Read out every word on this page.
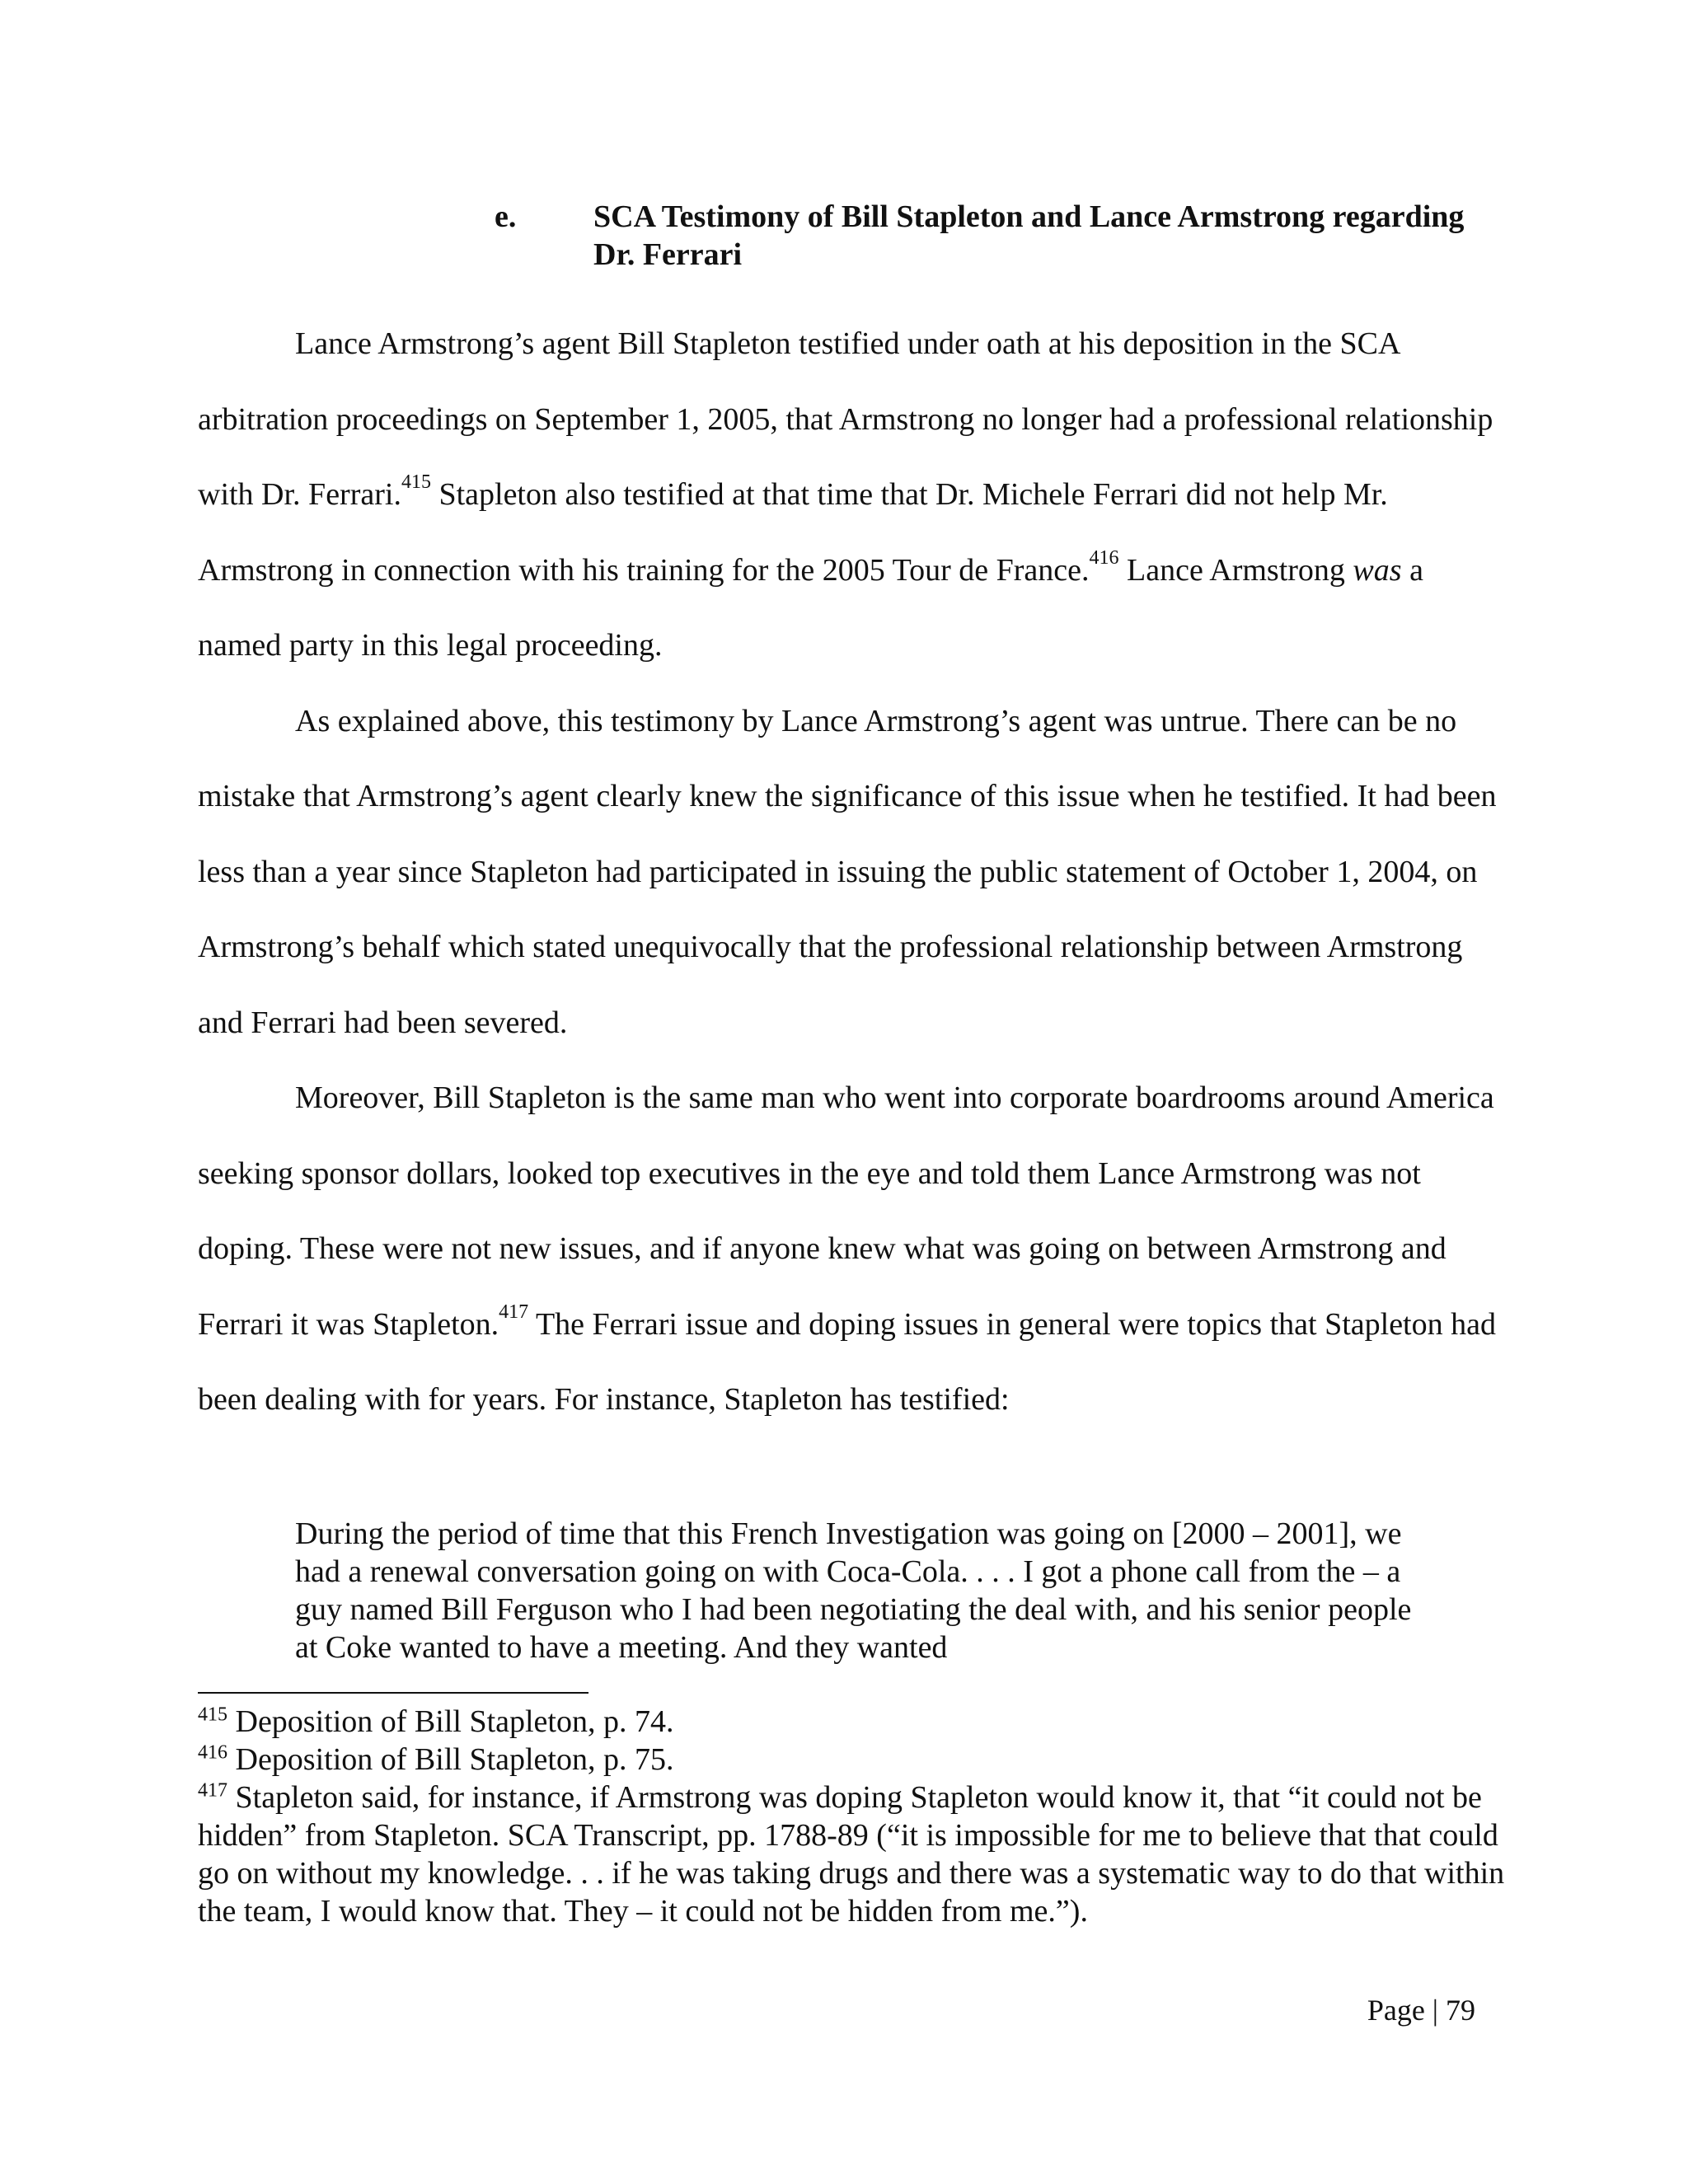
e. SCA Testimony of Bill Stapleton and Lance Armstrong regarding Dr. Ferrari

Lance Armstrong’s agent Bill Stapleton testified under oath at his deposition in the SCA arbitration proceedings on September 1, 2005, that Armstrong no longer had a professional relationship with Dr. Ferrari.$^{415}$ Stapleton also testified at that time that Dr. Michele Ferrari did not help Mr. Armstrong in connection with his training for the 2005 Tour de France.$^{416}$ Lance Armstrong was a named party in this legal proceeding.

As explained above, this testimony by Lance Armstrong’s agent was untrue. There can be no mistake that Armstrong’s agent clearly knew the significance of this issue when he testified. It had been less than a year since Stapleton had participated in issuing the public statement of October 1, 2004, on Armstrong’s behalf which stated unequivocally that the professional relationship between Armstrong and Ferrari had been severed.

Moreover, Bill Stapleton is the same man who went into corporate boardrooms around America seeking sponsor dollars, looked top executives in the eye and told them Lance Armstrong was not doping. These were not new issues, and if anyone knew what was going on between Armstrong and Ferrari it was Stapleton.$^{417}$ The Ferrari issue and doping issues in general were topics that Stapleton had been dealing with for years. For instance, Stapleton has testified:

During the period of time that this French Investigation was going on [2000 – 2001], we had a renewal conversation going on with Coca-Cola. . . . I got a phone call from the – a guy named Bill Ferguson who I had been negotiating the deal with, and his senior people at Coke wanted to have a meeting. And they wanted

$^{415}$ Deposition of Bill Stapleton, p. 74.

$^{416}$ Deposition of Bill Stapleton, p. 75.

$^{417}$ Stapleton said, for instance, if Armstrong was doping Stapleton would know it, that “it could not be hidden” from Stapleton. SCA Transcript, pp. 1788-89 (“it is impossible for me to believe that that could go on without my knowledge. . . if he was taking drugs and there was a systematic way to do that within the team, I would know that. They – it could not be hidden from me.”).

Page | 79
